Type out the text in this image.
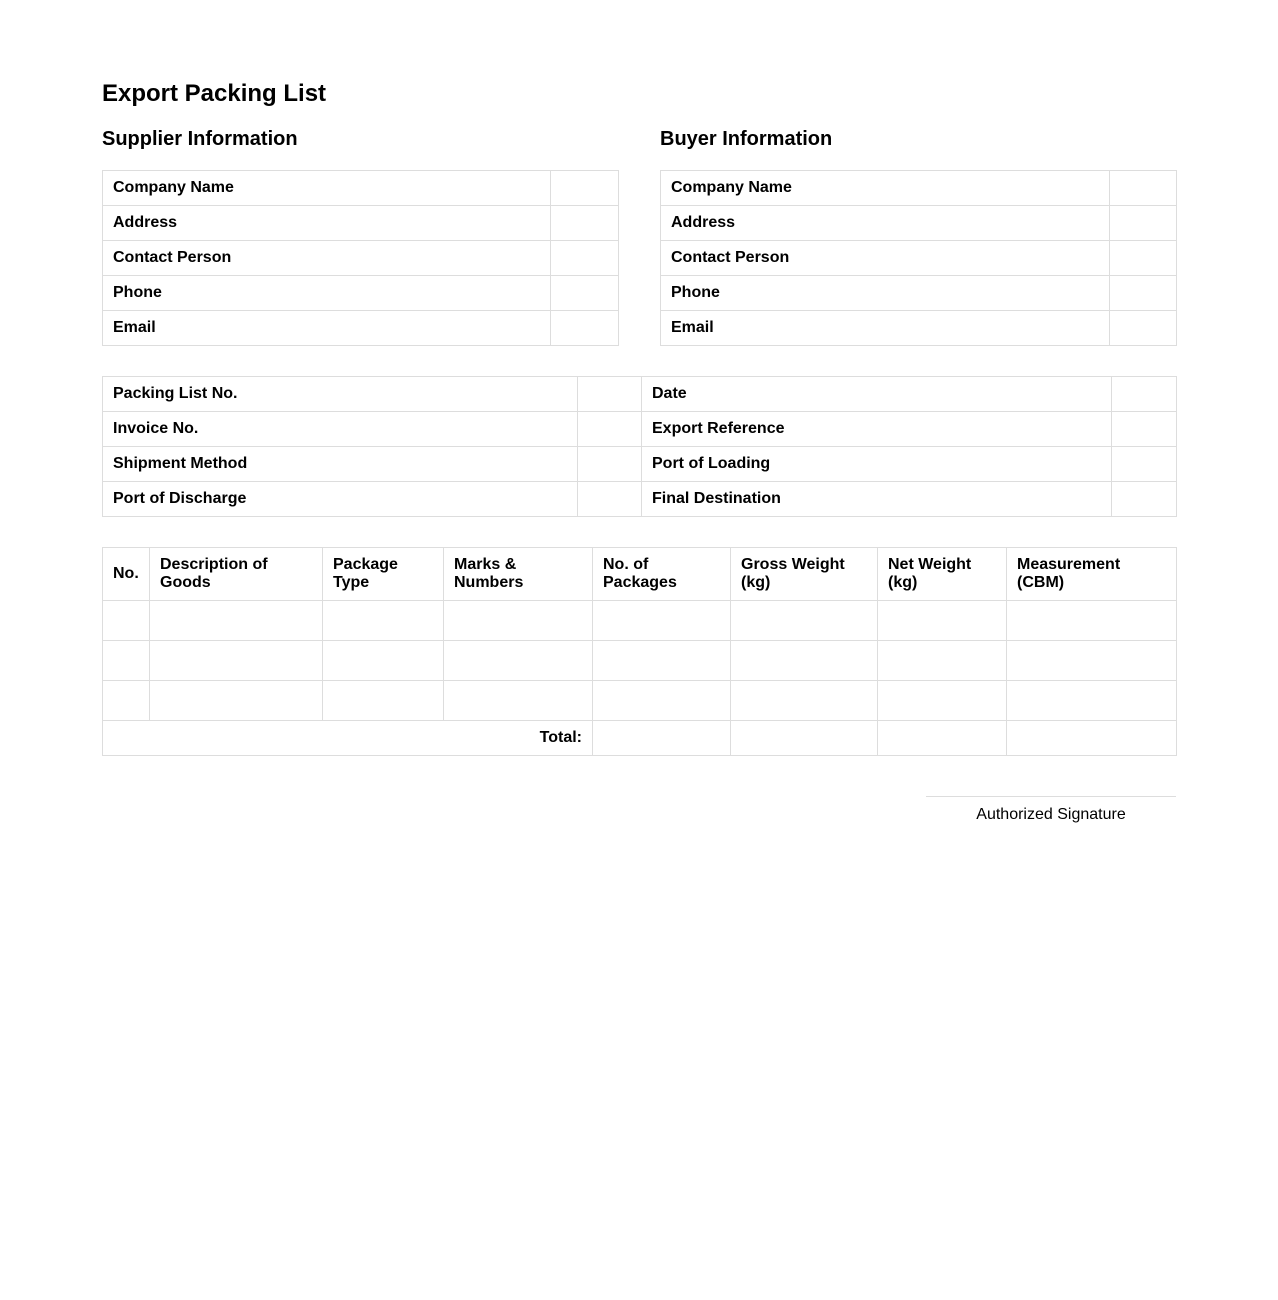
Export Packing List
Supplier Information
Company Name	
Address	
Contact Person	
Phone	
Email	
Buyer Information
Company Name	
Address	
Contact Person	
Phone	
Email	
Packing List No.		Date	
Invoice No.		Export Reference	
Shipment Method		Port of Loading	
Port of Discharge		Final Destination	
No.	Description of Goods	Package Type	Marks & Numbers	No. of Packages	Gross Weight (kg)	Net Weight (kg)	Measurement (CBM)

Total:							
Authorized Signature
